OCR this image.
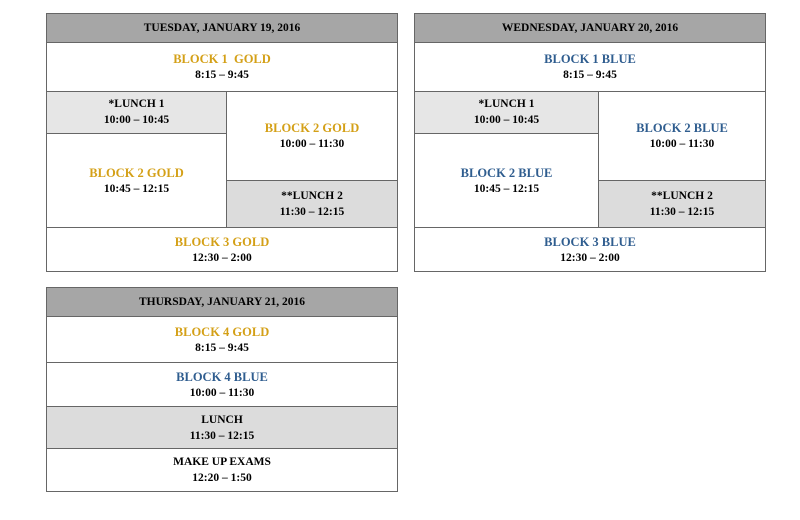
TUESDAY, JANUARY 19, 2016
BLOCK 1  GOLD
8:15 – 9:45
*LUNCH 1
10:00 – 10:45
BLOCK 2 GOLD
10:45 – 12:15
BLOCK 2 GOLD
10:00 – 11:30
**LUNCH 2
11:30 – 12:15
BLOCK 3 GOLD
12:30 – 2:00
WEDNESDAY, JANUARY 20, 2016
BLOCK 1 BLUE
8:15 – 9:45
*LUNCH 1
10:00 – 10:45
BLOCK 2 BLUE
10:45 – 12:15
BLOCK 2 BLUE
10:00 – 11:30
**LUNCH 2
11:30 – 12:15
BLOCK 3 BLUE
12:30 – 2:00
THURSDAY, JANUARY 21, 2016
BLOCK 4 GOLD
8:15 – 9:45
BLOCK 4 BLUE
10:00 – 11:30
LUNCH
11:30 – 12:15
MAKE UP EXAMS
12:20 – 1:50
